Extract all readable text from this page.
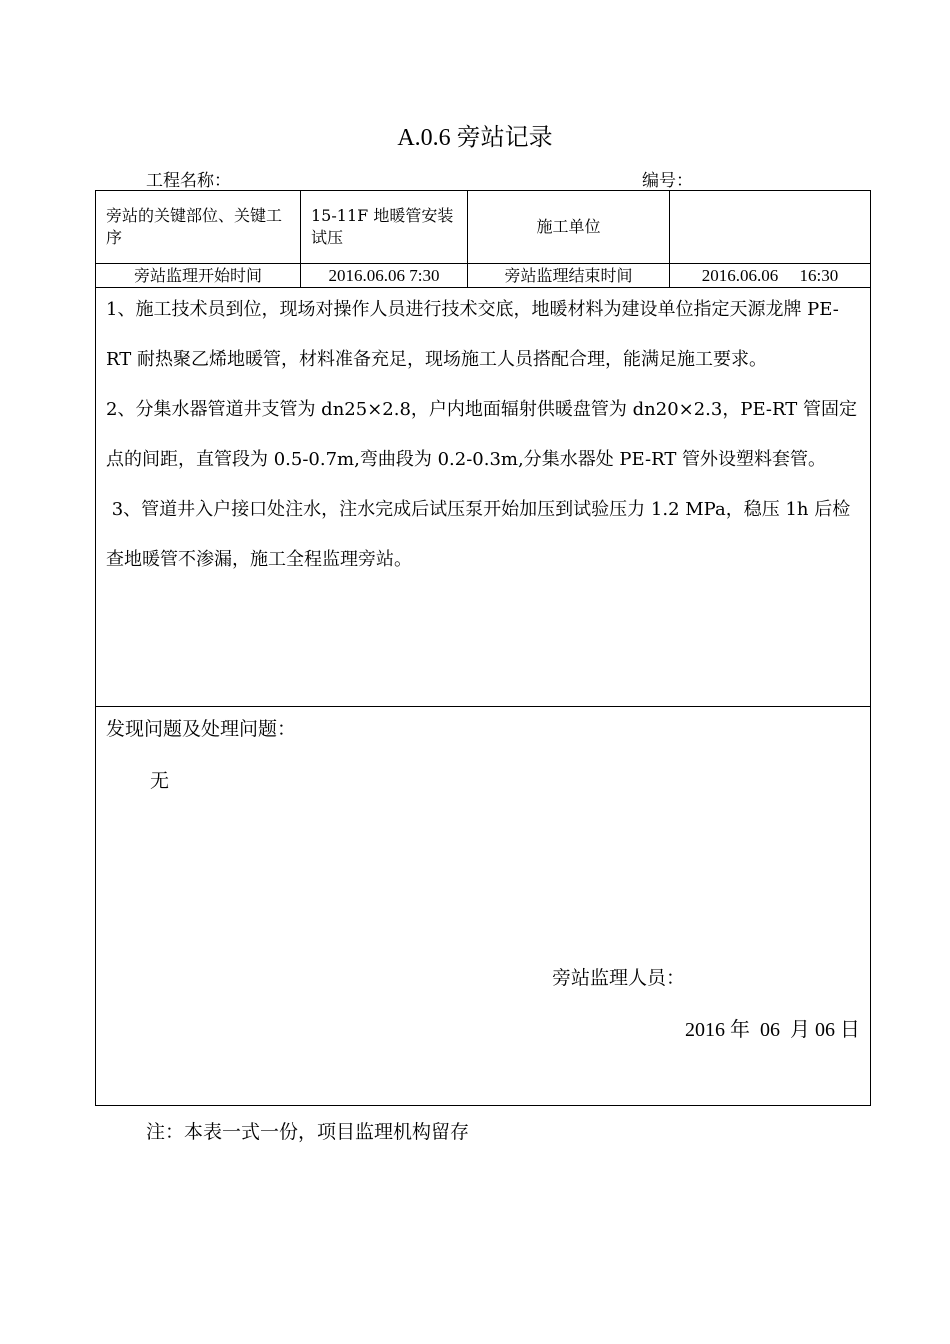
A.0.6 旁站记录
工程名称：	编号：
旁站的关键部位、关键工序	15-11F 地暖管安装试压	施工单位	
旁站监理开始时间	2016.06.06 7:30	旁站监理结束时间	2016.06.06     16:30

1、施工技术员到位，现场对操作人员进行技术交底，地暖材料为建设单位指定天源龙牌 PE-RT 耐热聚乙烯地暖管，材料准备充足，现场施工人员搭配合理，能满足施工要求。

2、分集水器管道井支管为 dn25×2.8，户内地面辐射供暖盘管为 dn20×2.3，PE-RT 管固定点的间距，直管段为 0.5-0.7m,弯曲段为 0.2-0.3m,分集水器处 PE-RT 管外设塑料套管。

3、管道井入户接口处注水，注水完成后试压泵开始加压到试验压力 1.2 MPa，稳压 1h 后检查地暖管不渗漏，施工全程监理旁站。			

发现问题及处理问题：
无
旁站监理人员：
2016 年  06  月 06 日			
注：本表一式一份，项目监理机构留存
